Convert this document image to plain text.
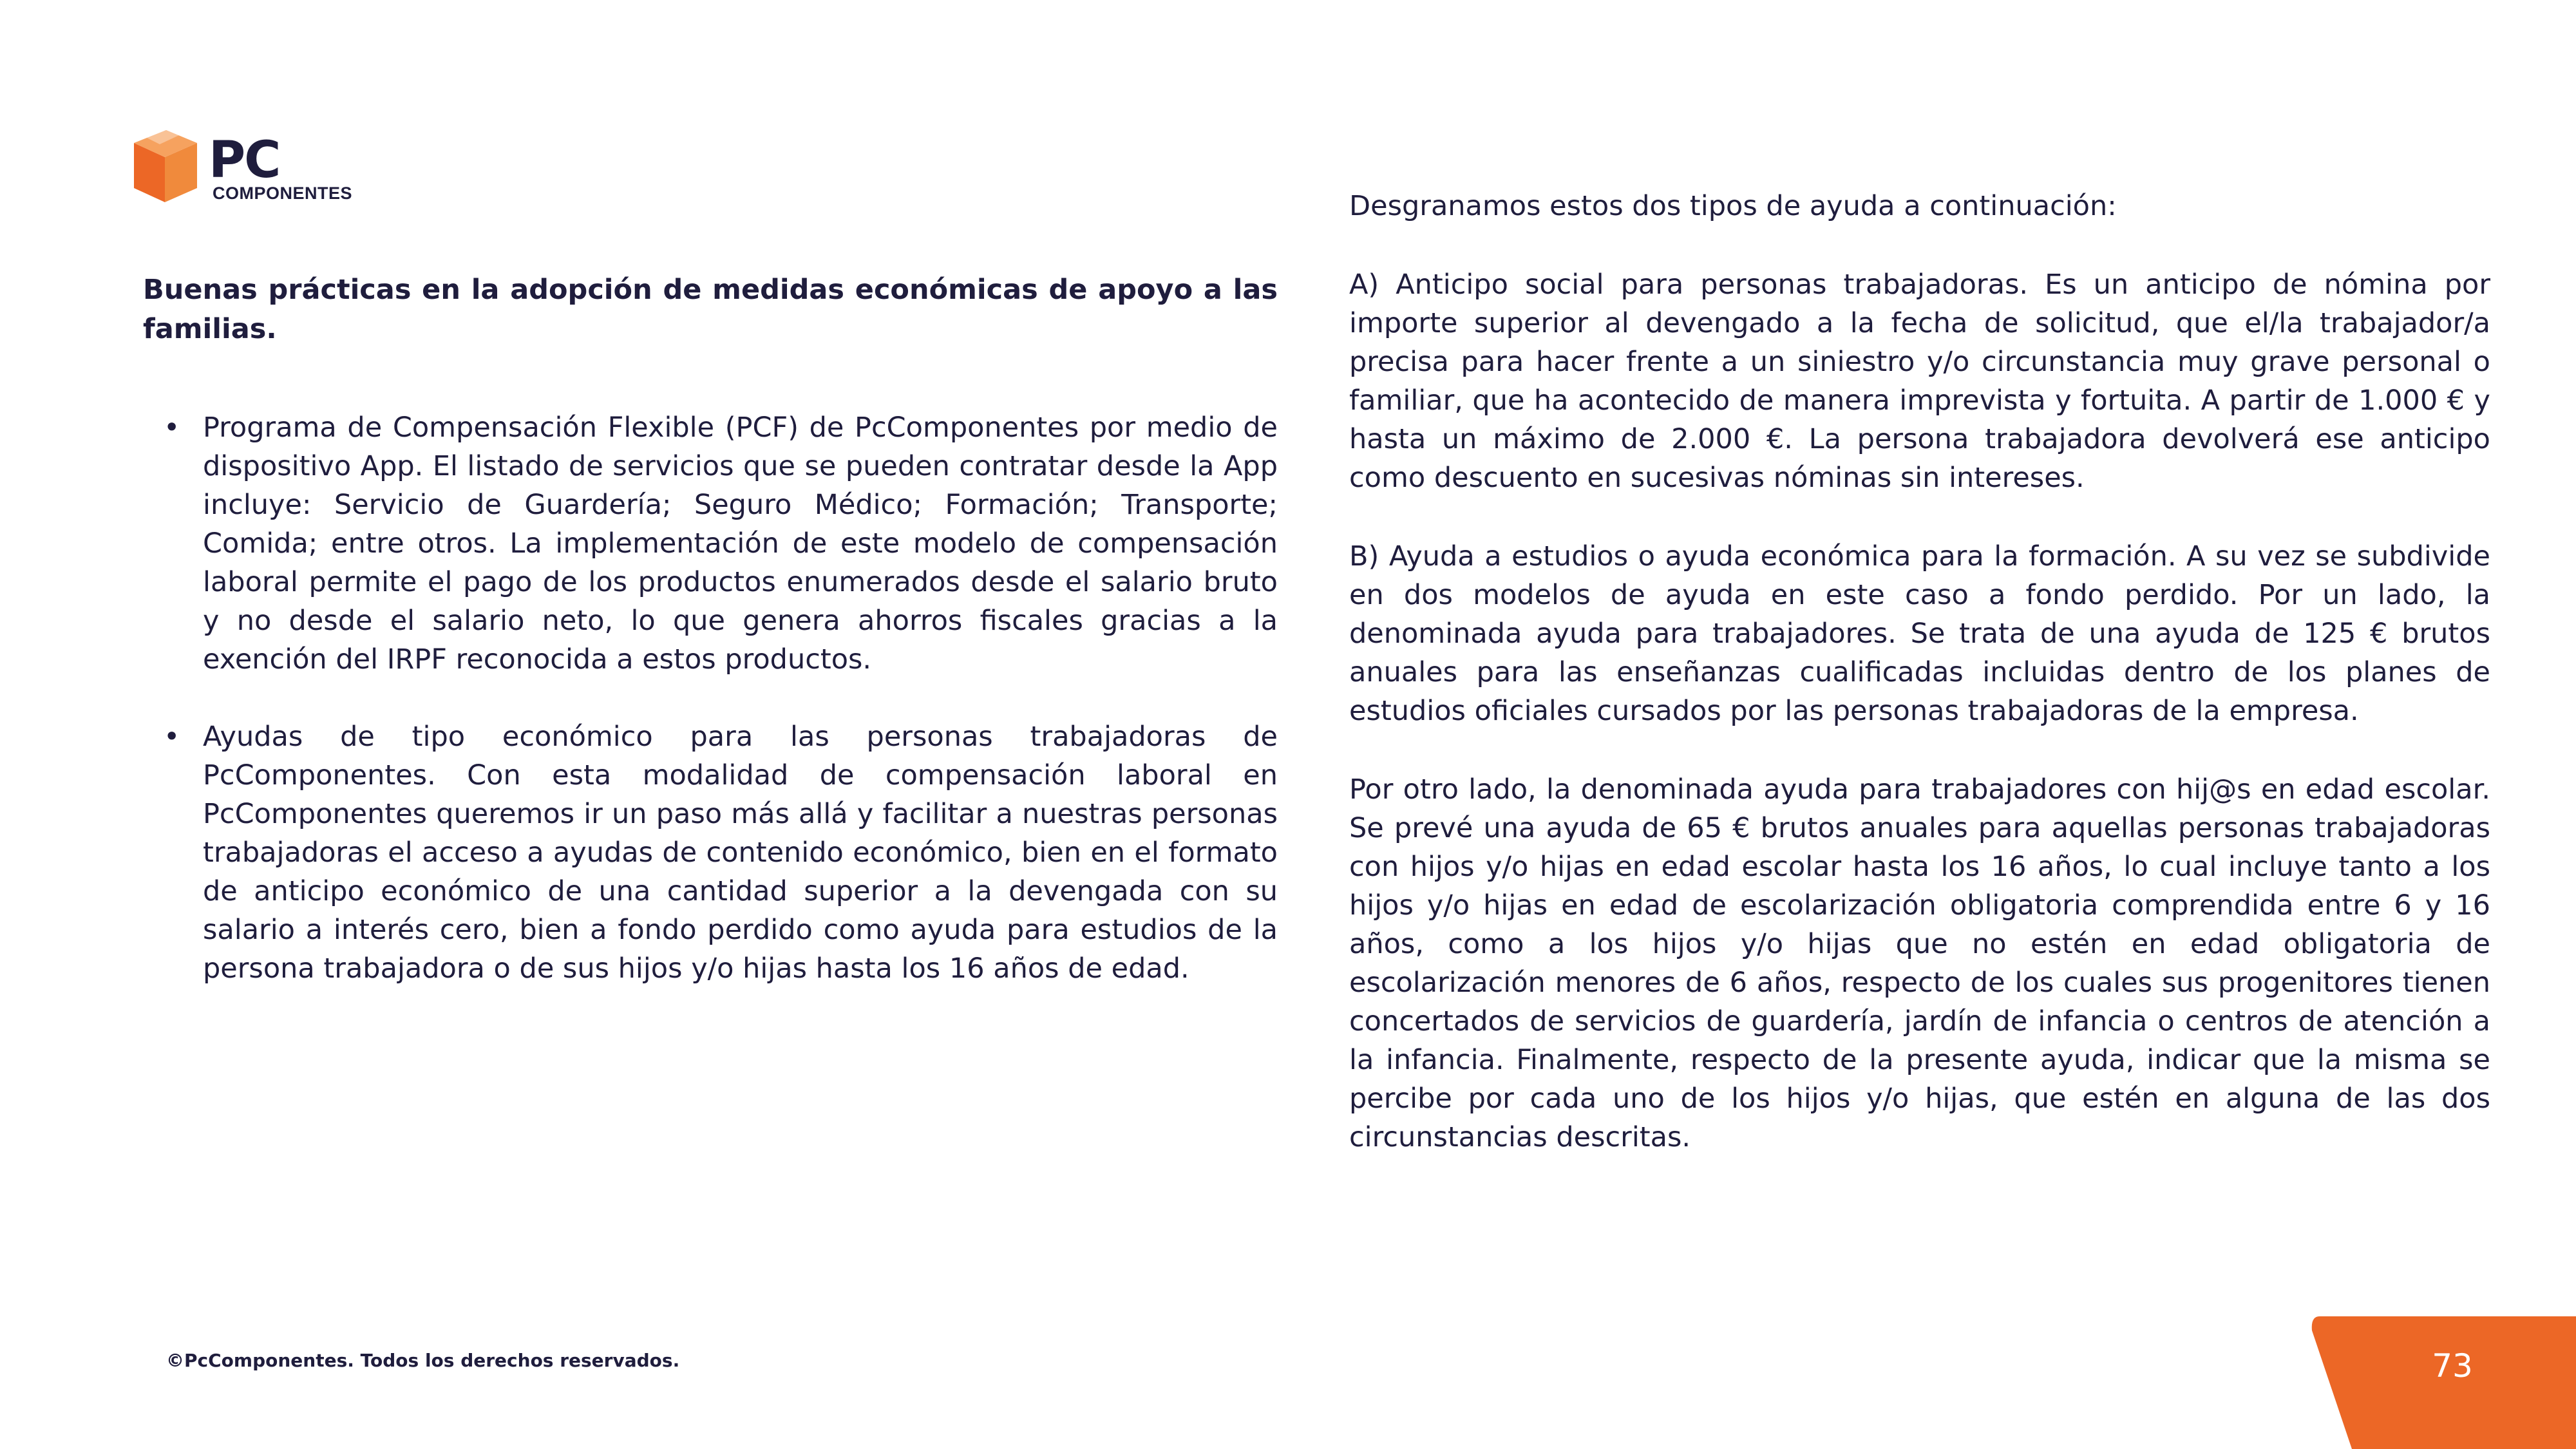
PC
COMPONENTES
Buenas prácticas en la adopción de medidas económicas de apoyo a las familias.
• Programa de Compensación Flexible (PCF) de PcComponentes por medio de dispositivo App. El listado de servicios que se pueden contratar desde la App incluye: Servicio de Guardería; Seguro Médico; Formación; Transporte; Comida; entre otros. La implementación de este modelo de compensación laboral permite el pago de los productos enumerados desde el salario bruto y no desde el salario neto, lo que genera ahorros fiscales gracias a la exención del IRPF reconocida a estos productos.
• Ayudas de tipo económico para las personas trabajadoras de PcComponentes. Con esta modalidad de compensación laboral en PcComponentes queremos ir un paso más allá y facilitar a nuestras personas trabajadoras el acceso a ayudas de contenido económico, bien en el formato de anticipo económico de una cantidad superior a la devengada con su salario a interés cero, bien a fondo perdido como ayuda para estudios de la persona trabajadora o de sus hijos y/o hijas hasta los 16 años de edad.

Desgranamos estos dos tipos de ayuda a continuación:

A) Anticipo social para personas trabajadoras. Es un anticipo de nómina por importe superior al devengado a la fecha de solicitud, que el/la trabajador/a precisa para hacer frente a un siniestro y/o circunstancia muy grave personal o familiar, que ha acontecido de manera imprevista y fortuita. A partir de 1.000 € y hasta un máximo de 2.000 €. La persona trabajadora devolverá ese anticipo como descuento en sucesivas nóminas sin intereses.

B) Ayuda a estudios o ayuda económica para la formación. A su vez se subdivide en dos modelos de ayuda en este caso a fondo perdido. Por un lado, la denominada ayuda para trabajadores. Se trata de una ayuda de 125 € brutos anuales para las enseñanzas cualificadas incluidas dentro de los planes de estudios oficiales cursados por las personas trabajadoras de la empresa.

Por otro lado, la denominada ayuda para trabajadores con hij@s en edad escolar. Se prevé una ayuda de 65 € brutos anuales para aquellas personas trabajadoras con hijos y/o hijas en edad escolar hasta los 16 años, lo cual incluye tanto a los hijos y/o hijas en edad de escolarización obligatoria comprendida entre 6 y 16 años, como a los hijos y/o hijas que no estén en edad obligatoria de escolarización menores de 6 años, respecto de los cuales sus progenitores tienen concertados de servicios de guardería, jardín de infancia o centros de atención a la infancia. Finalmente, respecto de la presente ayuda, indicar que la misma se percibe por cada uno de los hijos y/o hijas, que estén en alguna de las dos circunstancias descritas.

©PcComponentes. Todos los derechos reservados.	73
